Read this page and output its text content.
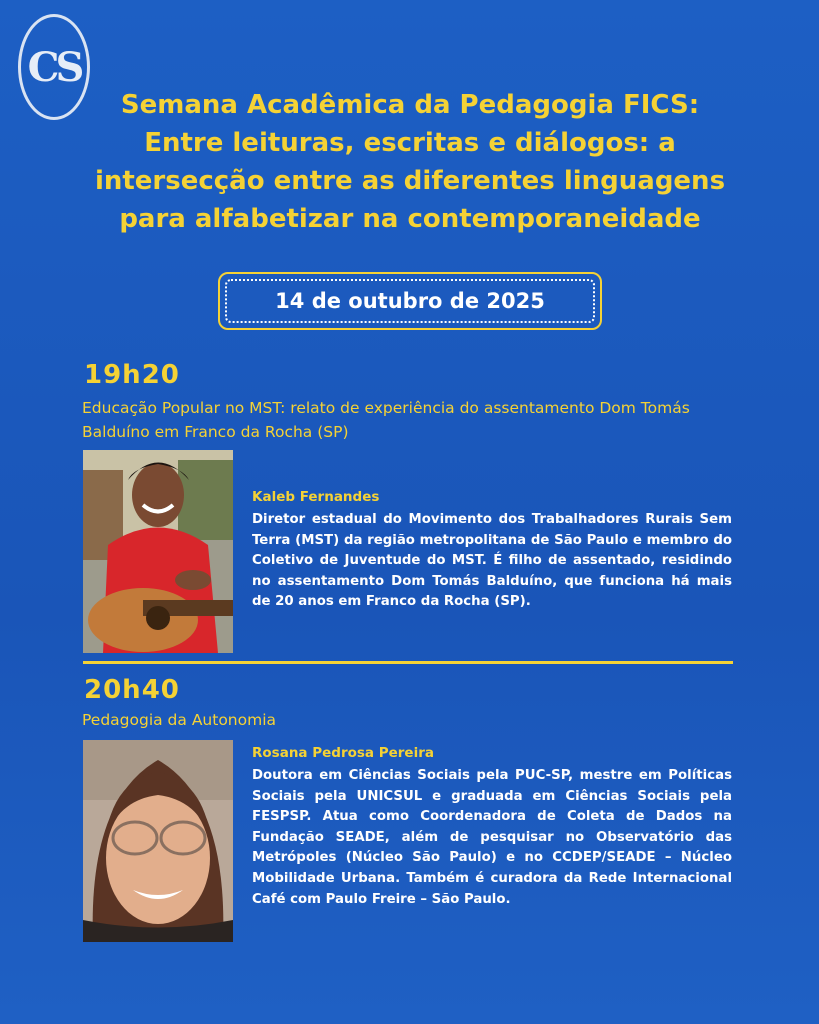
CS
Semana Acadêmica da Pedagogia FICS:
Entre leituras, escritas e diálogos: a
intersecção entre as diferentes linguagens
para alfabetizar na contemporaneidade
14 de outubro de 2025
19h20
Educação Popular no MST: relato de experiência do assentamento Dom Tomás Balduíno em Franco da Rocha (SP)
Kaleb Fernandes
Diretor estadual do Movimento dos Trabalhadores Rurais Sem Terra (MST) da região metropolitana de São Paulo e membro do Coletivo de Juventude do MST. É filho de assentado, residindo no assentamento Dom Tomás Balduíno, que funciona há mais de 20 anos em Franco da Rocha (SP).
20h40
Pedagogia da Autonomia
Rosana Pedrosa Pereira
Doutora em Ciências Sociais pela PUC-SP, mestre em Políticas Sociais pela UNICSUL e graduada em Ciências Sociais pela FESPSP. Atua como Coordenadora de Coleta de Dados na Fundação SEADE, além de pesquisar no Observatório das Metrópoles (Núcleo São Paulo) e no CCDEP/SEADE – Núcleo Mobilidade Urbana. Também é curadora da Rede Internacional Café com Paulo Freire – São Paulo.
